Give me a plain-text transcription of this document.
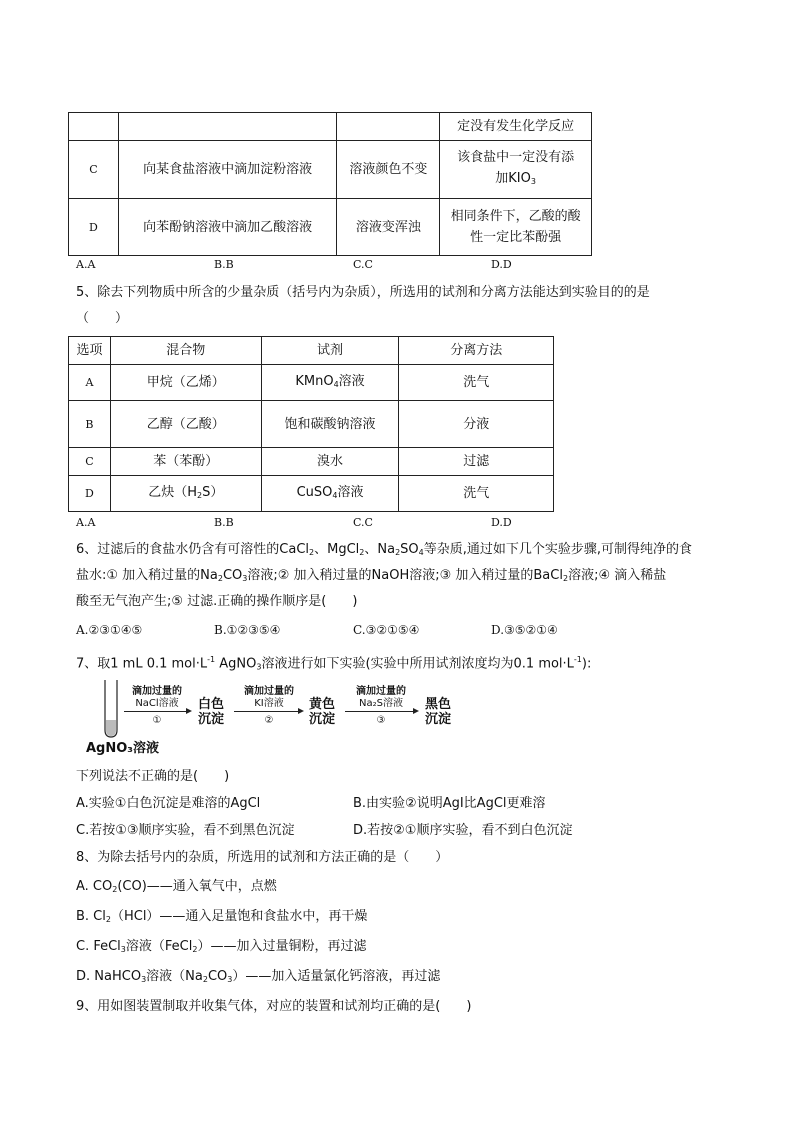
			定没有发生化学反应
C	向某食盐溶液中滴加淀粉溶液	溶液颜色不变	该食盐中一定没有添
加$KIO_3$
D	向苯酚钠溶液中滴加乙酸溶液	溶液变浑浊	相同条件下，乙酸的酸
性一定比苯酚强
A.A	B.B	C.C	D.D
5、除去下列物质中所含的少量杂质（括号内为杂质），所选用的试剂和分离方法能达到实验目的的是
（　　）
选项	混合物	试剂	分离方法
A	甲烷（乙烯）	KMnO$_4$溶液	洗气
B	乙醇（乙酸）	饱和碳酸钠溶液	分液
C	苯（苯酚）	溴水	过滤
D	乙炔$(H_2S)$	CuSO$_4$溶液	洗气
A.A	B.B	C.C	D.D
6、过滤后的食盐水仍含有可溶性的CaCl$_2$、MgCl$_2$、$Na_2SO_4$等杂质,通过如下几个实验步骤,可制得纯净的食
盐水:① 加入稍过量的$Na_2CO_3$溶液;② 加入稍过量的NaOH溶液;③ 加入稍过量的BaCl$_2$溶液;④ 滴入稀盐
酸至无气泡产生;⑤ 过滤.正确的操作顺序是(　　)
A.②③①④⑤	B.①②③⑤④	C.③②①⑤④	D.③⑤②①④
7、取1 mL 0.1 $mol\cdot L^{-1}$ AgNO$_3$溶液进行如下实验(实验中所用试剂浓度均为0.1 $mol\cdot L^{-1}$):
AgNO₃溶液
滴加过量的
NaCl溶液
①
白色
沉淀
滴加过量的
KI溶液
②
黄色
沉淀
滴加过量的
Na₂S溶液
③
黑色
沉淀
下列说法不正确的是(　　)
A.实验①白色沉淀是难溶的AgCl	B.由实验②说明AgI比AgCl更难溶
C.若按①③顺序实验，看不到黑色沉淀	D.若按②①顺序实验，看不到白色沉淀
8、为除去括号内的杂质，所选用的试剂和方法正确的是（　　）
A. $CO_2(CO)——$通入氧气中，点燃
B. $Cl_2(HCl)——$通入足量饱和食盐水中，再干燥
C. FeCl$_3$溶液（FeCl$_2$）——加入过量铜粉，再过滤
D. NaHCO$_3$溶液$(Na_2CO_3)——$加入适量氯化钙溶液，再过滤
9、用如图装置制取并收集气体，对应的装置和试剂均正确的是(　　)
